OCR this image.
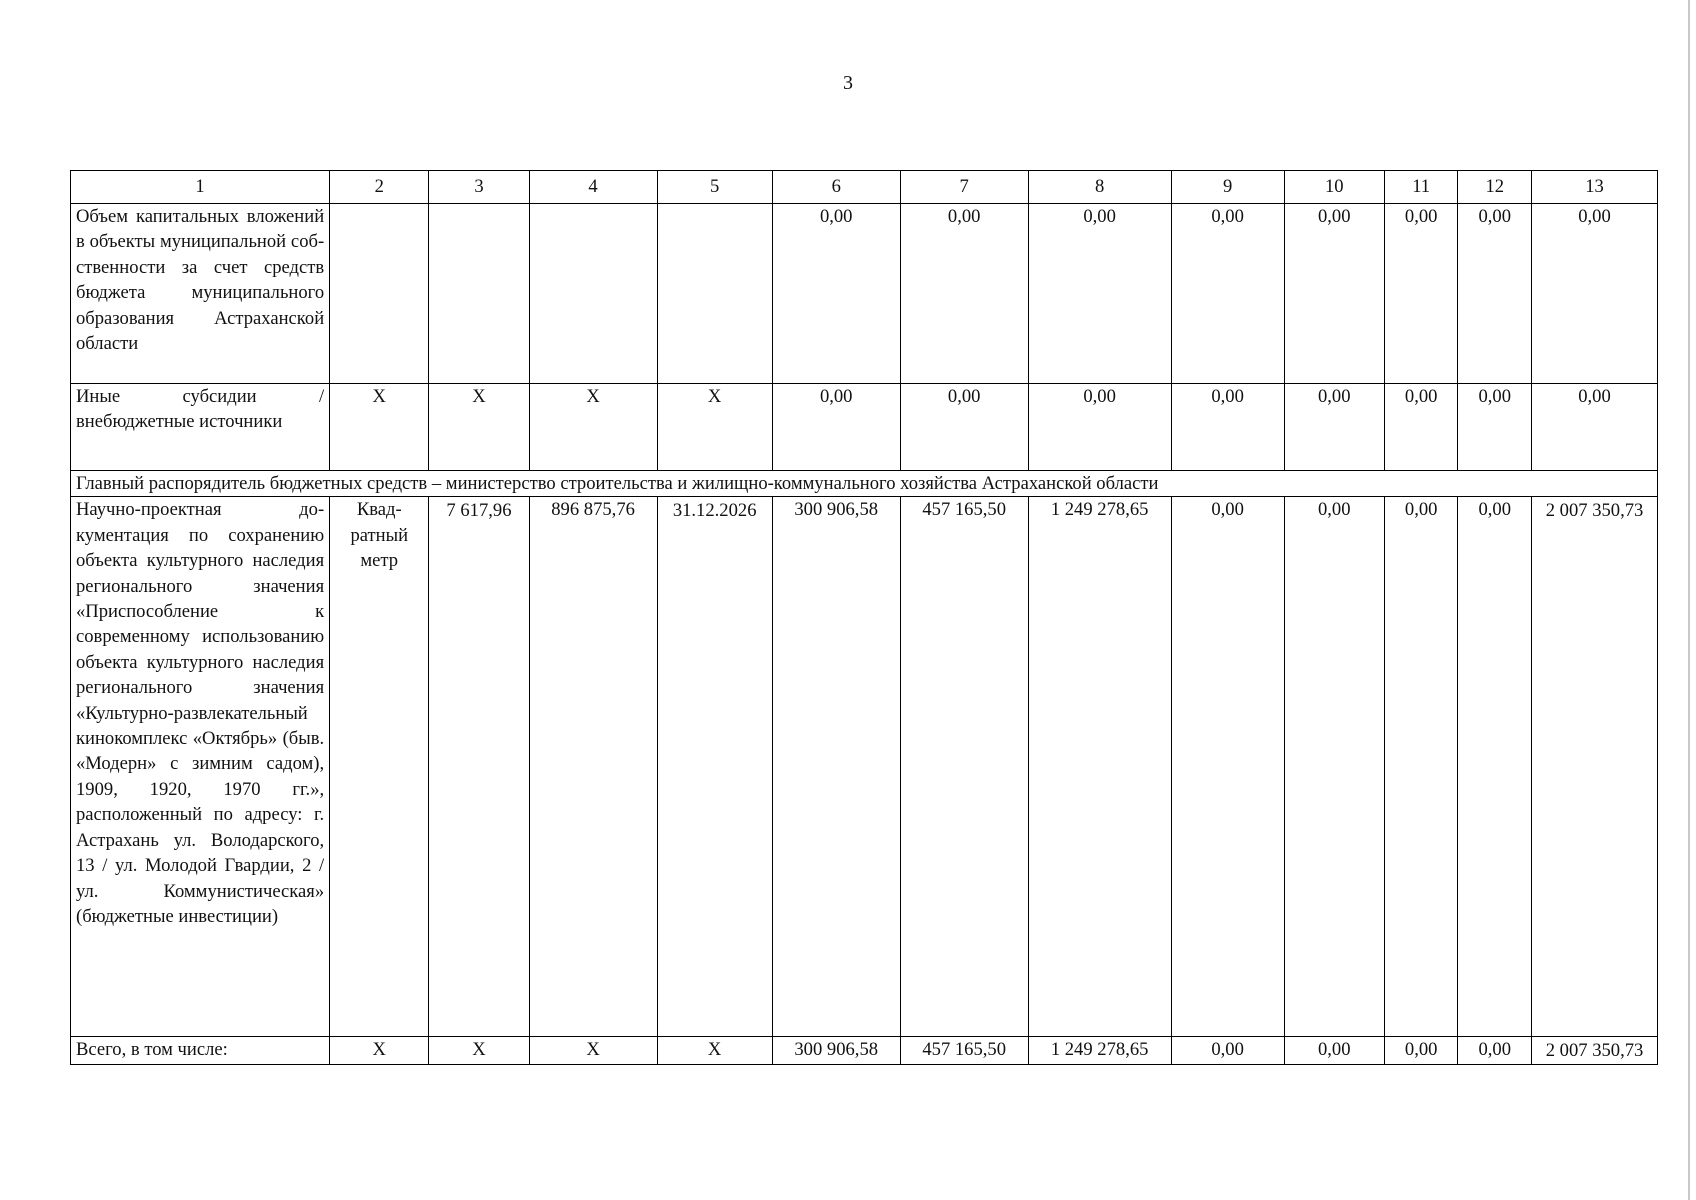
3
1	2	3	4	5	6	7	8	9	10	11	12	13
Объем капитальных вложений в объекты муниципальной собственности за счет средств бюджета муниципального образования Астраханской области					0,00	0,00	0,00	0,00	0,00	0,00	0,00	0,00
Иные субсидии / внебюджетные источники	Х	Х	Х	Х	0,00	0,00	0,00	0,00	0,00	0,00	0,00	0,00
Главный распорядитель бюджетных средств – министерство строительства и жилищно-коммунального хозяйства Астраханской области												
Научно-проектная документация по сохранению объекта культурного наследия регионального значения «Приспособление к современному использованию объекта культурного наследия регионального значения «Культурно-развлекательный кинокомплекс «Октябрь» (быв. «Модерн» с зимним садом), 1909, 1920, 1970 гг.», расположенный по адресу: г. Астрахань ул. Володарского, 13 / ул. Молодой Гвардии, 2 / ул. Коммунистическая» (бюджетные инвестиции)	Квадратный метр	7 617,96	896 875,76	31.12.2026	300 906,58	457 165,50	1 249 278,65	0,00	0,00	0,00	0,00	2 007 350,73
Всего, в том числе:	Х	Х	Х	Х	300 906,58	457 165,50	1 249 278,65	0,00	0,00	0,00	0,00	2 007 350,73
